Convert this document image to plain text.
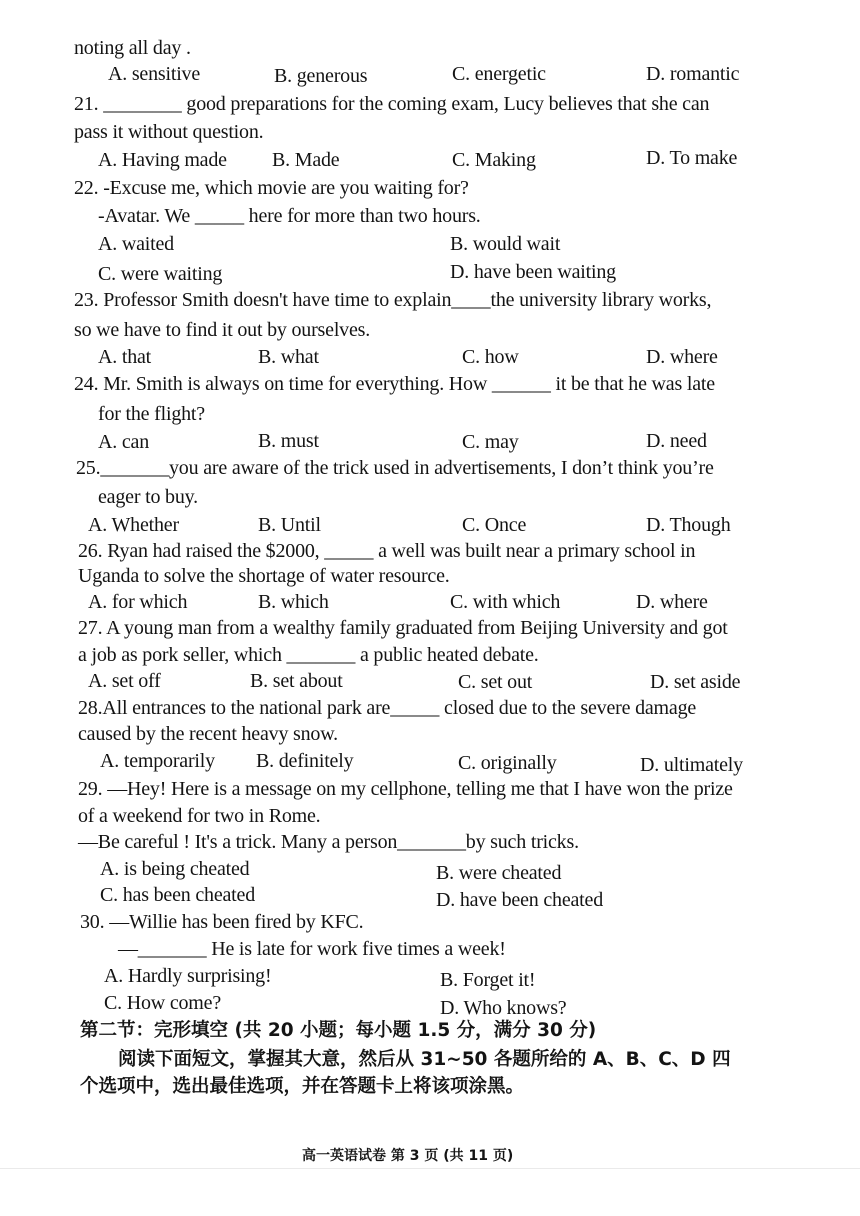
noting all day .
A. sensitive	B. generous	C. energetic	D. romantic
21. ________ good preparations for the coming exam, Lucy believes that she can
pass it without question.
A. Having made B. Made	C. Making	D. To make
22. -Excuse me, which movie are you waiting for?
-Avatar. We _____ here for more than two hours.
A. waited	B. would wait
C. were waiting	D. have been waiting
23. Professor Smith doesn't have time to explain____the university library works,
so we have to find it out by ourselves.
A. that	B. what	C. how	D. where
24. Mr. Smith is always on time for everything. How ______ it be that he was late
for the flight?
A. can	B. must	C. may	D. need
25._______you are aware of the trick used in advertisements, I don’t think you’re
eager to buy.
A. Whether	B. Until	C. Once	D. Though
26. Ryan had raised the $2000, _____ a well was built near a primary school in
Uganda to solve the shortage of water resource.
A. for which	B. which	C. with which	D. where
27. A young man from a wealthy family graduated from Beijing University and got
a job as pork seller, which _______ a public heated debate.
A. set off	B. set about	C. set out	D. set aside
28.All entrances to the national park are_____ closed due to the severe damage
caused by the recent heavy snow.
A. temporarily B. definitely	C. originally	D. ultimately
29. —Hey! Here is a message on my cellphone, telling me that I have won the prize
of a weekend for two in Rome.
—Be careful ! It's a trick. Many a person_______by such tricks.
A. is being cheated	B. were cheated
C. has been cheated	D. have been cheated
30. —Willie has been fired by KFC.
—_______ He is late for work five times a week!
A. Hardly surprising!	B. Forget it!
C. How come?	D. Who knows?
第二节：完形填空 (共 20 小题；每小题 1.5 分，满分 30 分)
阅读下面短文，掌握其大意，然后从 31~50 各题所给的 A、B、C、D 四
个选项中，选出最佳选项，并在答题卡上将该项涂黑。
高一英语试卷 第 3 页 (共 11 页)
